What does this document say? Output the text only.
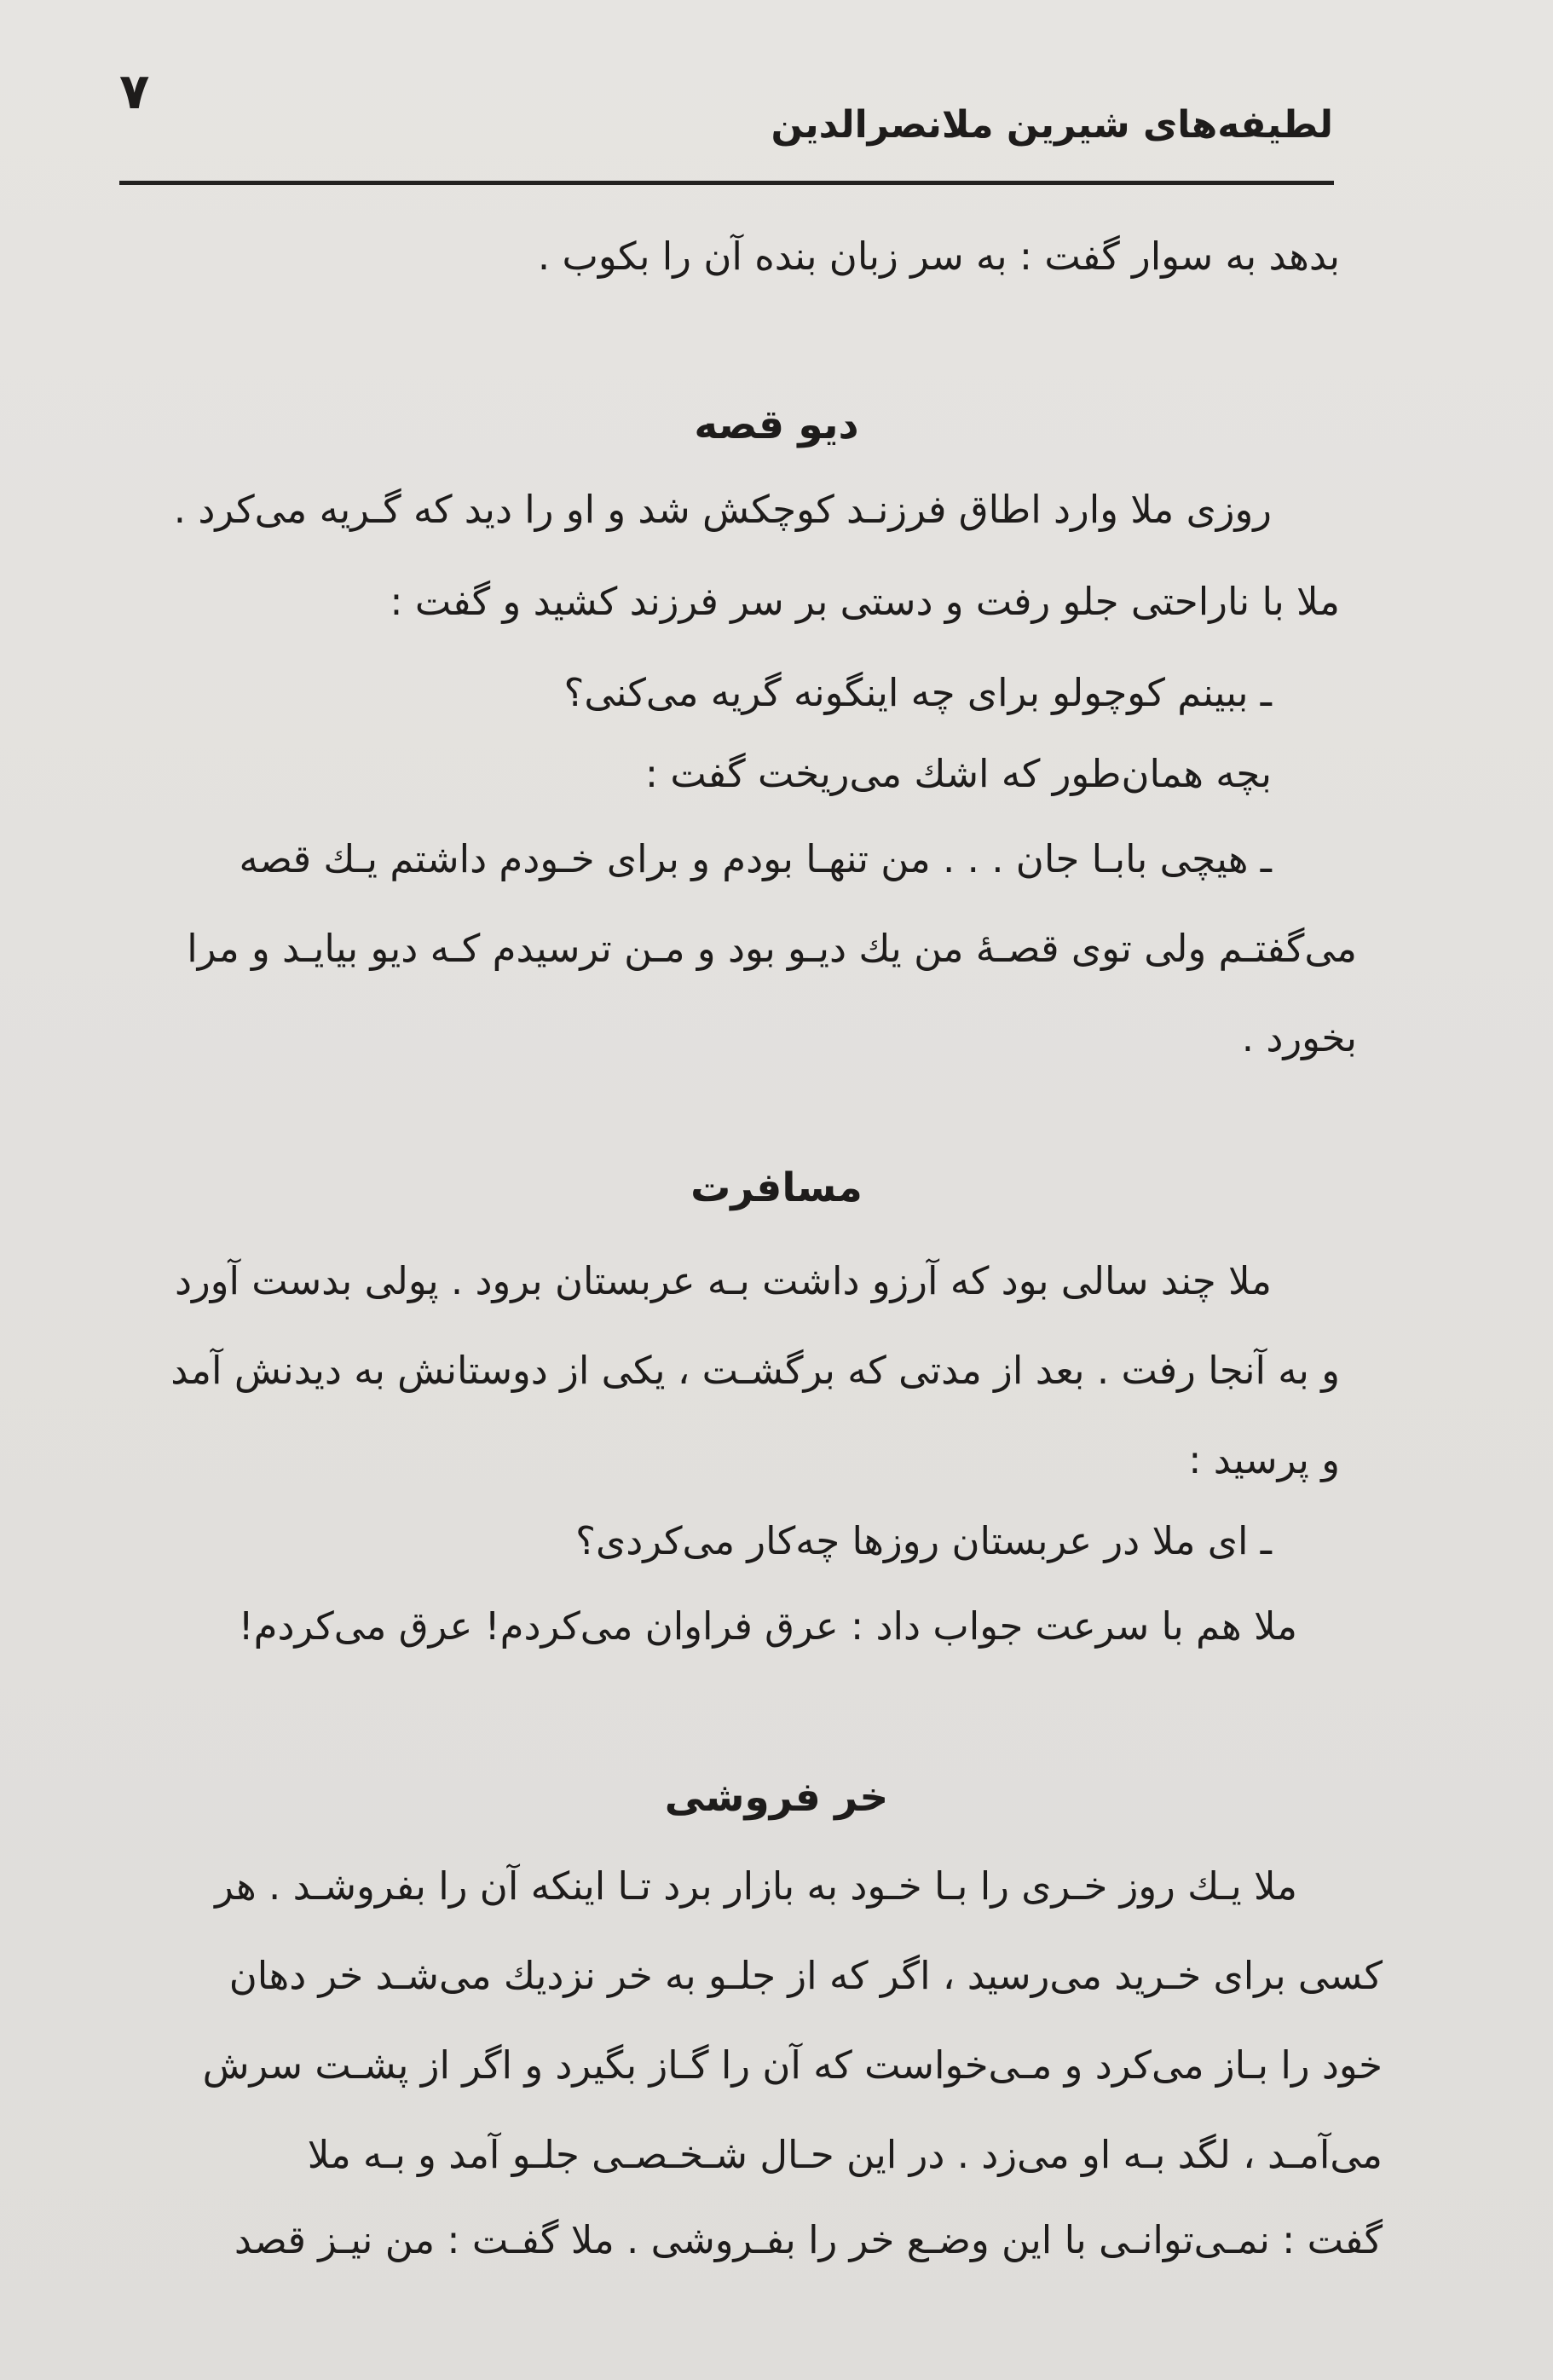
۷
لطیفه‌های شیرین ملانصرالدین
بدهد به سوار گفت : به سر زبان بنده آن را بکوب .
دیو قصه
روزی ملا وارد اطاق فرزنـد کوچکش شد و او را دید که گـریه می‌کرد .
ملا با ناراحتی جلو رفت و دستی بر سر فرزند کشید و گفت :
ـ ببینم کوچولو برای چه اینگونه گریه می‌کنی؟
بچه همان‌طور که اشك می‌ریخت گفت :
ـ هیچی بابـا جان . . . من تنهـا بودم و برای خـودم داشتم یـك قصه
می‌گفتـم ولی توی قصـهٔ من یك دیـو بود و مـن ترسیدم کـه دیو بیایـد و مرا
بخورد .
مسافرت
ملا چند سالی بود که آرزو داشت بـه عربستان برود . پولی بدست آورد
و به آنجا رفت . بعد از مدتی که برگشـت ، یکی از دوستانش به دیدنش آمد
و پرسید :
ـ ای ملا در عربستان روزها چه‌کار می‌کردی؟
ملا هم با سرعت جواب داد : عرق فراوان می‌کردم! عرق می‌کردم!
خر فروشی
ملا یـك روز خـری را بـا خـود به بازار برد تـا اینکه آن را بفروشـد . هر
کسی برای خـرید می‌رسید ، اگر که از جلـو به خر نزدیك می‌شـد خر دهان
خود را بـاز می‌کرد و مـی‌خواست که آن را گـاز بگیرد و اگر از پشـت سرش
می‌آمـد ، لگد بـه او می‌زد . در این حـال شـخـصـی جلـو آمد و بـه ملا
گفت : نمـی‌توانـی با این وضـع خر را بفـروشی . ملا گفـت : من نیـز قصد
